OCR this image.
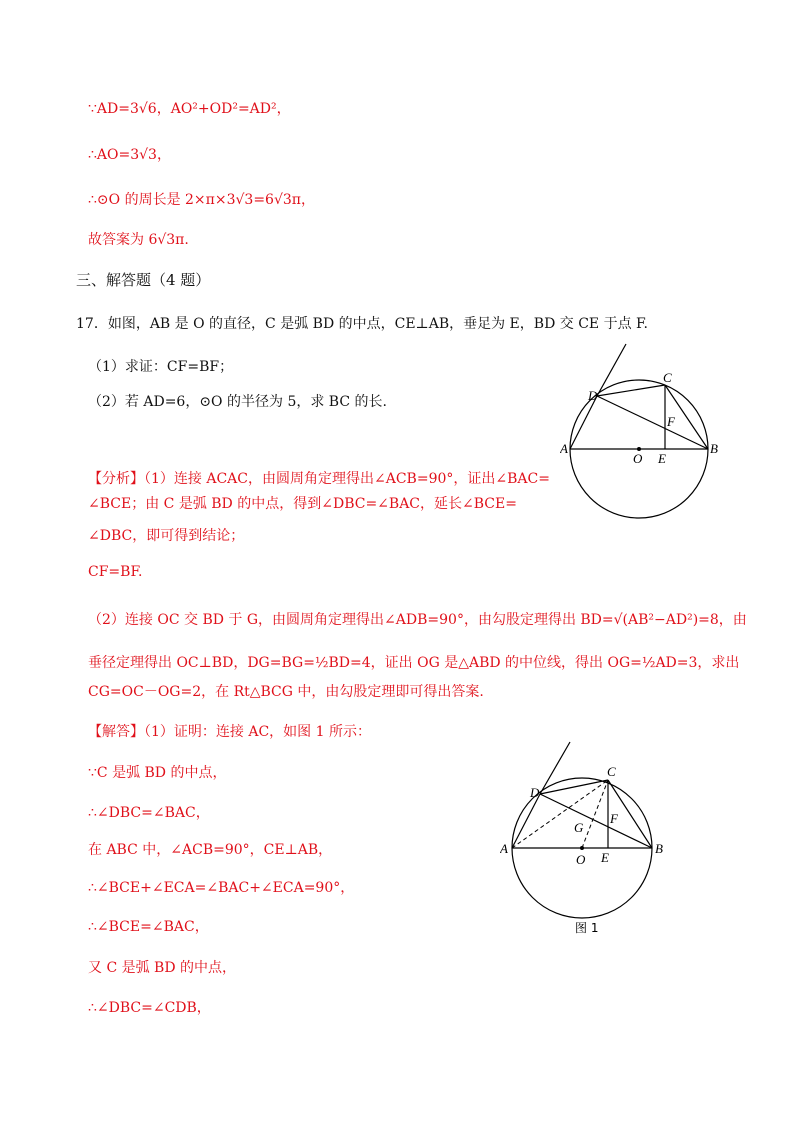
∵AD=3√6，AO²+OD²=AD²，
∴AO=3√3，
∴⊙O 的周长是 2×π×3√3=6√3π，
故答案为 6√3π.
三、解答题（4 题）
17．如图，AB 是 O 的直径，C 是弧 BD 的中点，CE⊥AB，垂足为 E，BD 交 CE 于点 F.
（1）求证：CF=BF；
（2）若 AD=6，⊙O 的半径为 5，求 BC 的长.
【分析】（1）连接 ACAC，由圆周角定理得出∠ACB=90°，证出∠BAC=
∠BCE；由 C 是弧 BD 的中点，得到∠DBC=∠BAC，延长∠BCE=
∠DBC，即可得到结论；
CF=BF.
（2）连接 OC 交 BD 于 G，由圆周角定理得出∠ADB=90°，由勾股定理得出 BD=√(AB²−AD²)=8，由
垂径定理得出 OC⊥BD，DG=BG=½BD=4，证出 OG 是△ABD 的中位线，得出 OG=½AD=3，求出
CG=OC－OG=2，在 Rt△BCG 中，由勾股定理即可得出答案.
【解答】（1）证明：连接 AC，如图 1 所示：
∵C 是弧 BD 的中点，
∴∠DBC=∠BAC，
在 ABC 中，∠ACB=90°，CE⊥AB，
∴∠BCE+∠ECA=∠BAC+∠ECA=90°，
∴∠BCE=∠BAC，
又 C 是弧 BD 的中点，
∴∠DBC=∠CDB，
A	B
C
D
E
F
O
A	B
C
D
E
F
O
G
图 1
